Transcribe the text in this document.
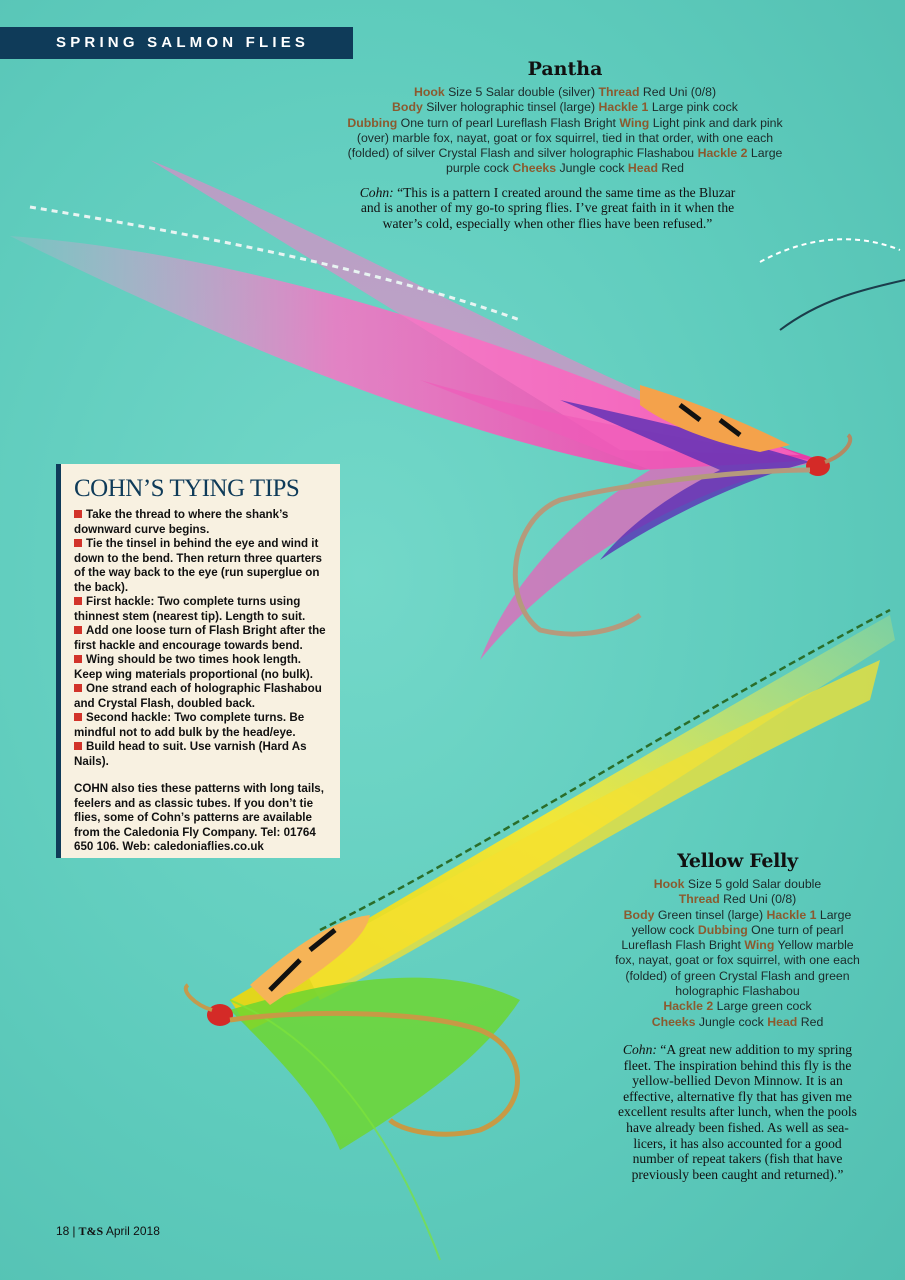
SPRING SALMON FLIES
Pantha
Hook Size 5 Salar double (silver) Thread Red Uni (0/8)
Body Silver holographic tinsel (large) Hackle 1 Large pink cock
Dubbing One turn of pearl Lureflash Flash Bright Wing Light pink and dark pink (over) marble fox, nayat, goat or fox squirrel, tied in that order, with one each (folded) of silver Crystal Flash and silver holographic Flashabou Hackle 2 Large purple cock Cheeks Jungle cock Head Red
Cohn: “This is a pattern I created around the same time as the Bluzar and is another of my go-to spring flies. I’ve great faith in it when the water’s cold, especially when other flies have been refused.”
COHN’S TYING TIPS
Take the thread to where the shank’s downward curve begins.
Tie the tinsel in behind the eye and wind it down to the bend. Then return three quarters of the way back to the eye (run superglue on the back).
First hackle: Two complete turns using thinnest stem (nearest tip). Length to suit.
Add one loose turn of Flash Bright after the first hackle and encourage towards bend.
Wing should be two times hook length. Keep wing materials proportional (no bulk).
One strand each of holographic Flashabou and Crystal Flash, doubled back.
Second hackle: Two complete turns. Be mindful not to add bulk by the head/eye.
Build head to suit. Use varnish (Hard As Nails).
COHN also ties these patterns with long tails, feelers and as classic tubes. If you don’t tie flies, some of Cohn’s patterns are available from the Caledonia Fly Company. Tel: 01764 650 106. Web: caledoniaflies.co.uk
Yellow Felly
Hook Size 5 gold Salar double
Thread Red Uni (0/8)
Body Green tinsel (large) Hackle 1 Large yellow cock Dubbing One turn of pearl Lureflash Flash Bright Wing Yellow marble fox, nayat, goat or fox squirrel, with one each (folded) of green Crystal Flash and green holographic Flashabou
Hackle 2 Large green cock
Cheeks Jungle cock Head Red
Cohn: “A great new addition to my spring fleet. The inspiration behind this fly is the yellow-bellied Devon Minnow. It is an effective, alternative fly that has given me excellent results after lunch, when the pools have already been fished. As well as sea-licers, it has also accounted for a good number of repeat takers (fish that have previously been caught and returned).”
18 | T&S April 2018
